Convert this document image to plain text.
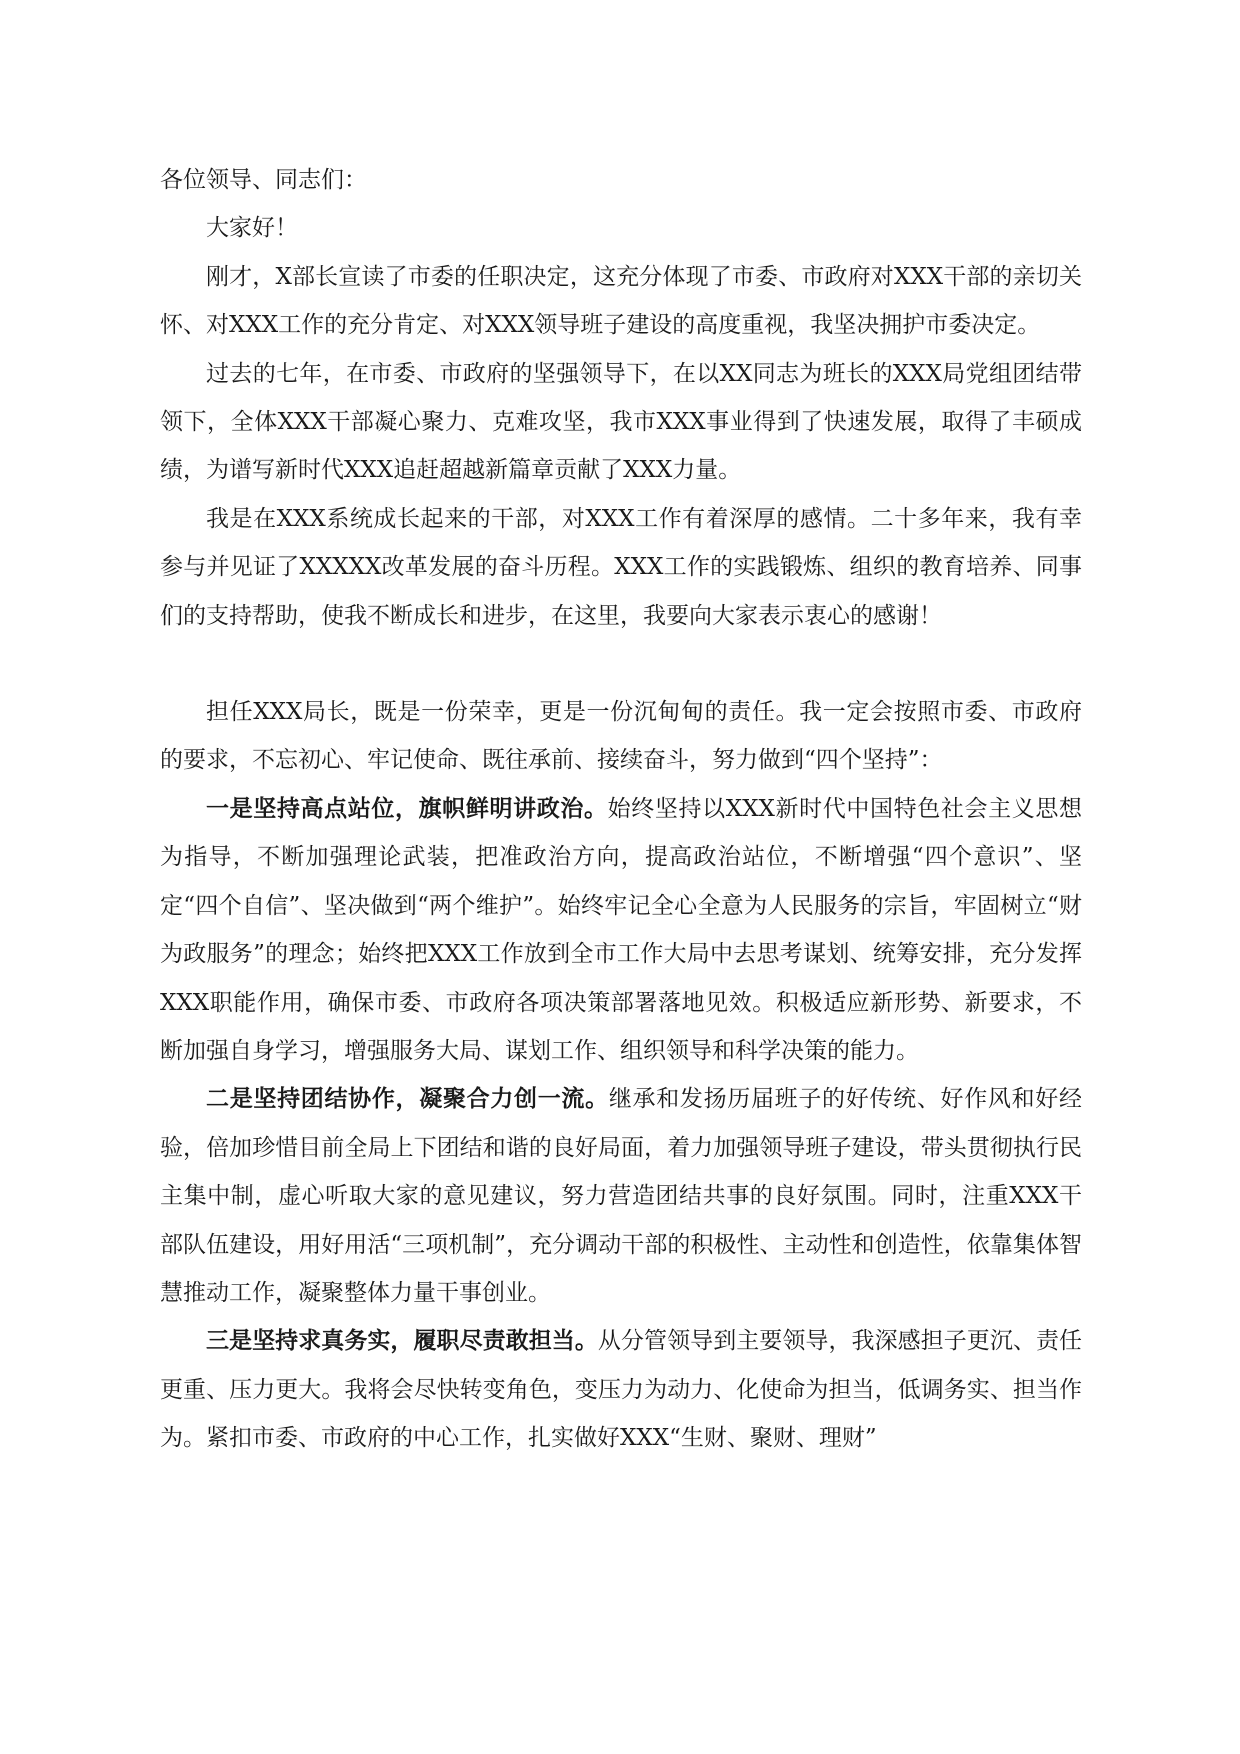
各位领导、同志们：

大家好！

刚才，X部长宣读了市委的任职决定，这充分体现了市委、市政府对XXX干部的亲切关怀、对XXX工作的充分肯定、对XXX领导班子建设的高度重视，我坚决拥护市委决定。

过去的七年，在市委、市政府的坚强领导下，在以XX同志为班长的XXX局党组团结带领下，全体XXX干部凝心聚力、克难攻坚，我市XXX事业得到了快速发展，取得了丰硕成绩，为谱写新时代XXX追赶超越新篇章贡献了XXX力量。

我是在XXX系统成长起来的干部，对XXX工作有着深厚的感情。二十多年来，我有幸参与并见证了XXXXX改革发展的奋斗历程。XXX工作的实践锻炼、组织的教育培养、同事们的支持帮助，使我不断成长和进步，在这里，我要向大家表示衷心的感谢！

担任XXX局长，既是一份荣幸，更是一份沉甸甸的责任。我一定会按照市委、市政府的要求，不忘初心、牢记使命、既往承前、接续奋斗，努力做到“四个坚持”：

一是坚持高点站位，旗帜鲜明讲政治。始终坚持以XXX新时代中国特色社会主义思想为指导，不断加强理论武装，把准政治方向，提高政治站位，不断增强“四个意识”、坚定“四个自信”、坚决做到“两个维护”。始终牢记全心全意为人民服务的宗旨，牢固树立“财为政服务”的理念；始终把XXX工作放到全市工作大局中去思考谋划、统筹安排，充分发挥XXX职能作用，确保市委、市政府各项决策部署落地见效。积极适应新形势、新要求，不断加强自身学习，增强服务大局、谋划工作、组织领导和科学决策的能力。

二是坚持团结协作，凝聚合力创一流。继承和发扬历届班子的好传统、好作风和好经验，倍加珍惜目前全局上下团结和谐的良好局面，着力加强领导班子建设，带头贯彻执行民主集中制，虚心听取大家的意见建议，努力营造团结共事的良好氛围。同时，注重XXX干部队伍建设，用好用活“三项机制”，充分调动干部的积极性、主动性和创造性，依靠集体智慧推动工作，凝聚整体力量干事创业。

三是坚持求真务实，履职尽责敢担当。从分管领导到主要领导，我深感担子更沉、责任更重、压力更大。我将会尽快转变角色，变压力为动力、化使命为担当，低调务实、担当作为。紧扣市委、市政府的中心工作，扎实做好XXX“生财、聚财、理财”
